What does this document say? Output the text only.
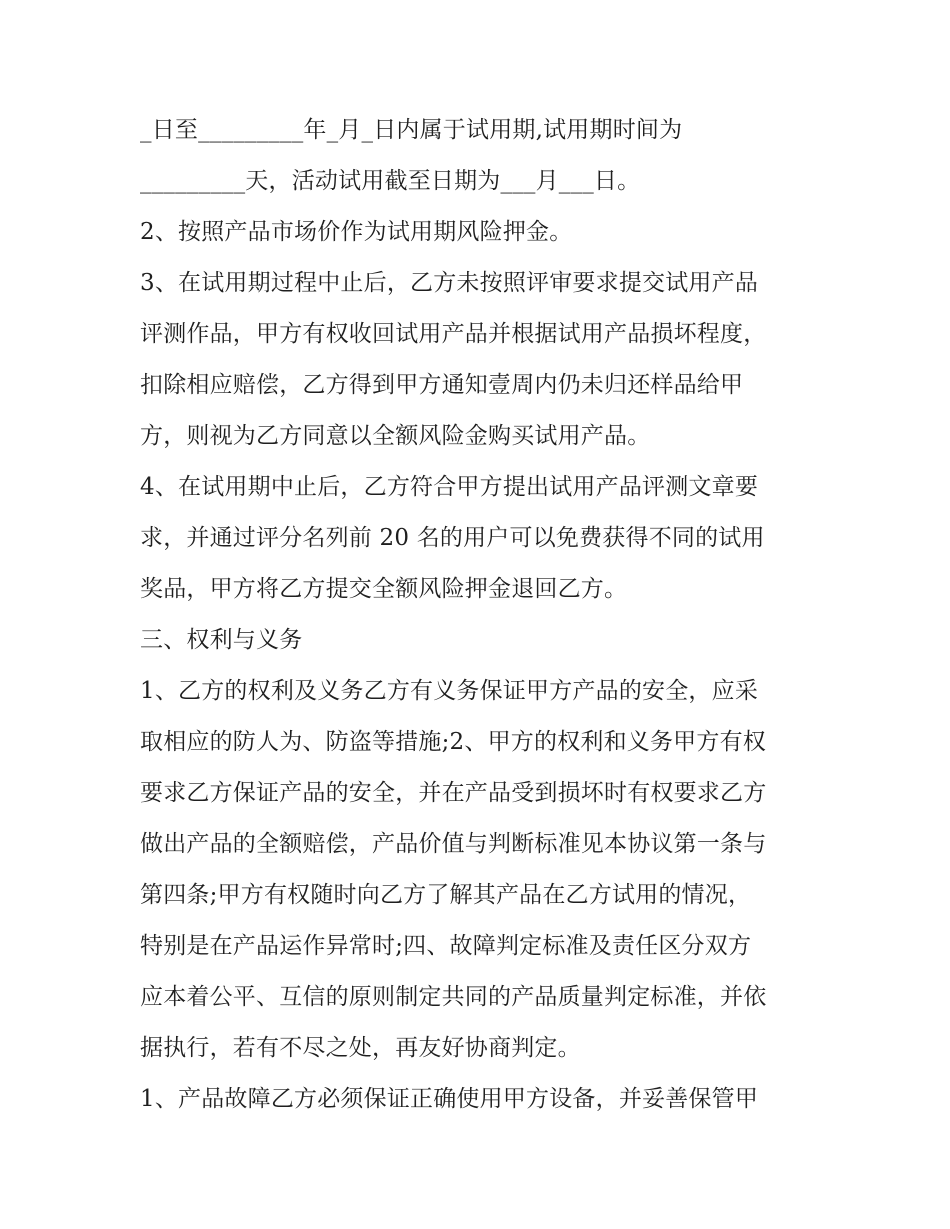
_日至_________年_月_日内属于试用期,试用期时间为
_________天，活动试用截至日期为___月___日。
2、按照产品市场价作为试用期风险押金。
3、在试用期过程中止后，乙方未按照评审要求提交试用产品
评测作品，甲方有权收回试用产品并根据试用产品损坏程度，
扣除相应赔偿，乙方得到甲方通知壹周内仍未归还样品给甲
方，则视为乙方同意以全额风险金购买试用产品。
4、在试用期中止后，乙方符合甲方提出试用产品评测文章要
求，并通过评分名列前 20 名的用户可以免费获得不同的试用
奖品，甲方将乙方提交全额风险押金退回乙方。
三、权利与义务
1、乙方的权利及义务乙方有义务保证甲方产品的安全，应采
取相应的防人为、防盗等措施;2、甲方的权利和义务甲方有权
要求乙方保证产品的安全，并在产品受到损坏时有权要求乙方
做出产品的全额赔偿，产品价值与判断标准见本协议第一条与
第四条;甲方有权随时向乙方了解其产品在乙方试用的情况，
特别是在产品运作异常时;四、故障判定标准及责任区分双方
应本着公平、互信的原则制定共同的产品质量判定标准，并依
据执行，若有不尽之处，再友好协商判定。
1、产品故障乙方必须保证正确使用甲方设备，并妥善保管甲
